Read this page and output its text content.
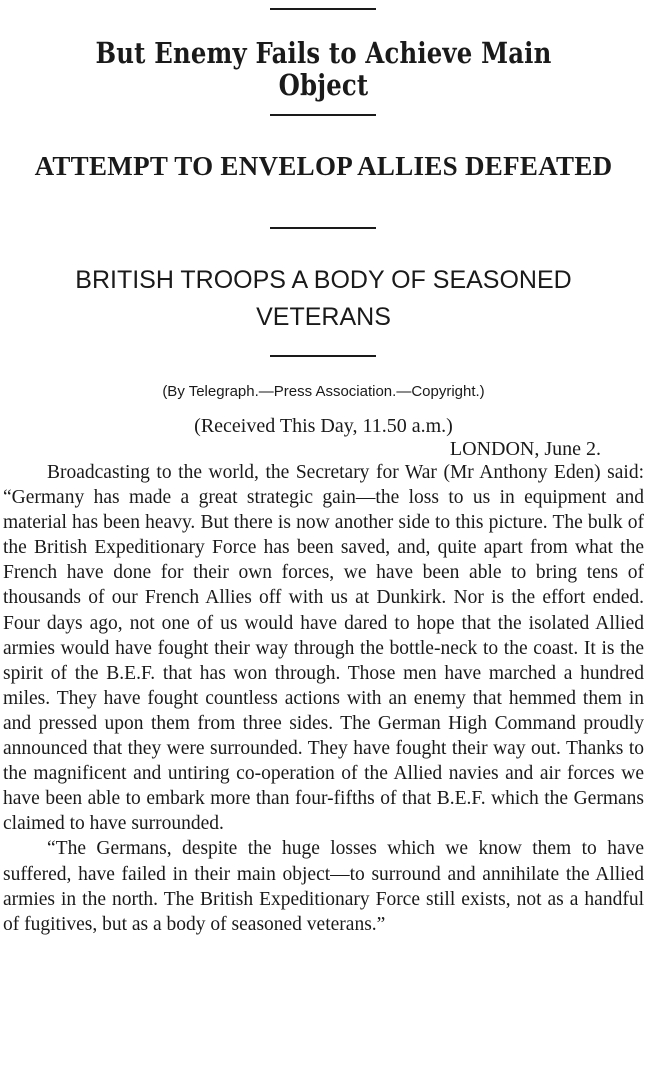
But Enemy Fails to Achieve Main Object
ATTEMPT TO ENVELOP ALLIES DEFEATED
BRITISH TROOPS A BODY OF SEASONED VETERANS
(By Telegraph.—Press Association.—Copyright.)
(Received This Day, 11.50 a.m.)
LONDON, June 2.

Broadcasting to the world, the Secretary for War (Mr Anthony Eden) said: “Germany has made a great strategic gain—the loss to us in equipment and material has been heavy. But there is now another side to this picture. The bulk of the British Expeditionary Force has been saved, and, quite apart from what the French have done for their own forces, we have been able to bring tens of thousands of our French Allies off with us at Dunkirk. Nor is the effort ended. Four days ago, not one of us would have dared to hope that the isolated Allied armies would have fought their way through the bottle-neck to the coast. It is the spirit of the B.E.F. that has won through. Those men have marched a hundred miles. They have fought countless actions with an enemy that hemmed them in and pressed upon them from three sides. The German High Command proudly announced that they were surrounded. They have fought their way out. Thanks to the magnificent and untiring co-operation of the Allied navies and air forces we have been able to embark more than four-fifths of that B.E.F. which the Germans claimed to have surrounded.

“The Germans, despite the huge losses which we know them to have suffered, have failed in their main object—to surround and annihilate the Allied armies in the north. The British Expeditionary Force still exists, not as a handful of fugitives, but as a body of seasoned veterans.”
